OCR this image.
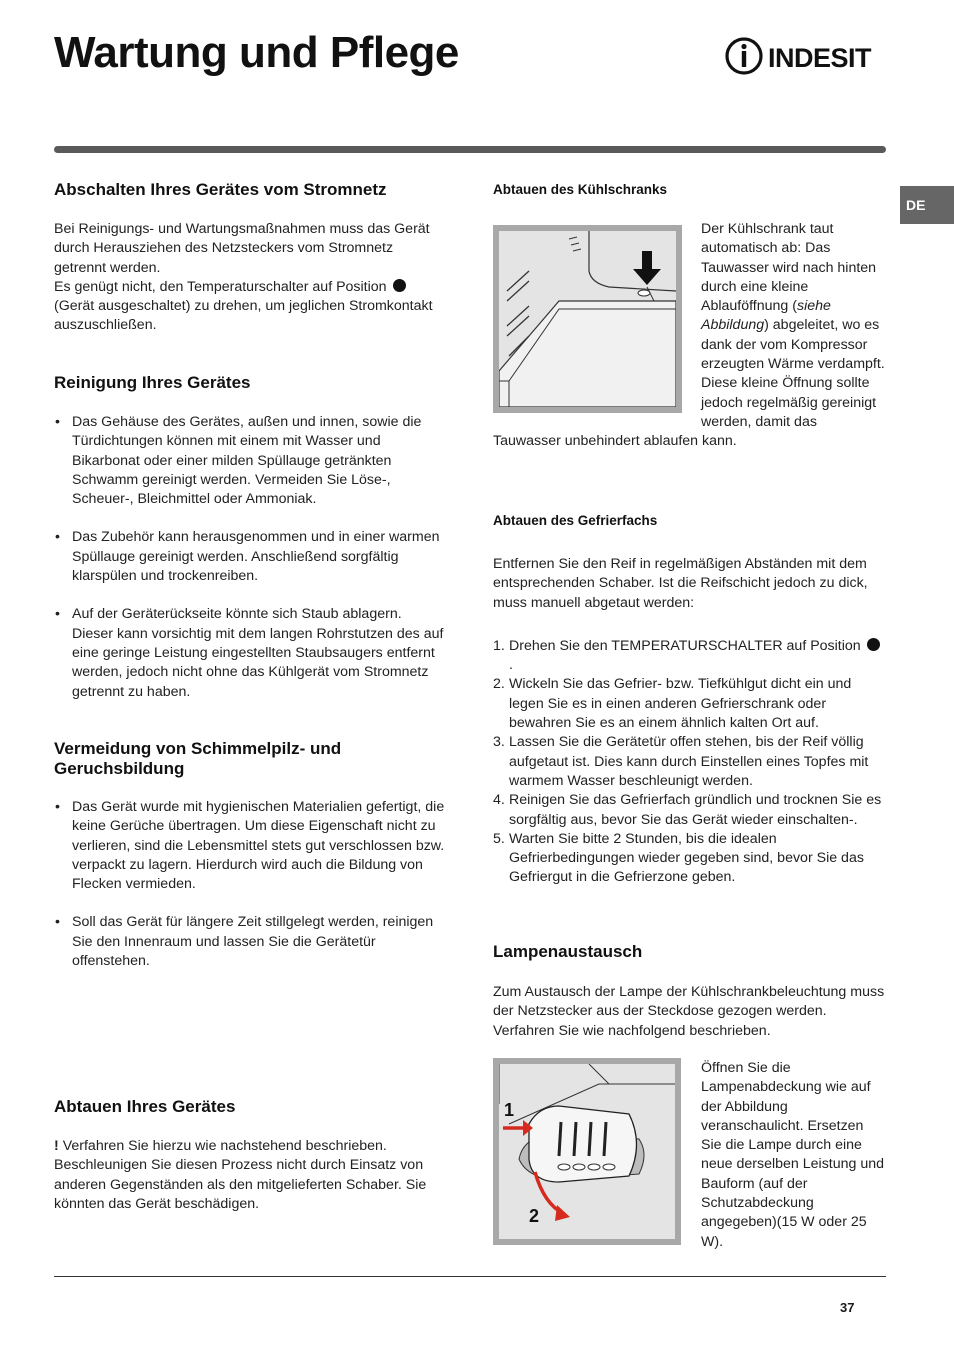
Wartung und Pflege	INDESIT
DE
Abschalten Ihres Gerätes vom Stromnetz

Bei Reinigungs- und Wartungsmaßnahmen muss das Gerät durch Herausziehen des Netzsteckers vom Stromnetz getrennt werden.

Es genügt nicht, den Temperaturschalter auf Position  (Gerät ausgeschaltet) zu drehen, um jeglichen Stromkontakt auszuschließen.

Reinigung Ihres Gerätes
• Das Gehäuse des Gerätes, außen und innen, sowie die Türdichtungen können mit einem mit Wasser und Bikarbonat oder einer milden Spüllauge getränkten Schwamm gereinigt werden. Vermeiden Sie Löse-, Scheuer-, Bleichmittel oder Ammoniak.
• Das Zubehör kann herausgenommen und in einer warmen Spüllauge gereinigt werden. Anschließend sorgfältig klarspülen und trockenreiben.
• Auf der Geräterückseite könnte sich Staub ablagern. Dieser kann vorsichtig mit dem langen Rohrstutzen des auf eine geringe Leistung eingestellten Staubsaugers entfernt werden, jedoch nicht ohne das Kühlgerät vom Stromnetz getrennt zu haben.
Vermeidung von Schimmelpilz- und Geruchsbildung
• Das Gerät wurde mit hygienischen Materialien gefertigt, die keine Gerüche übertragen. Um diese Eigenschaft nicht zu verlieren, sind die Lebensmittel stets gut verschlossen bzw. verpackt zu lagern. Hierdurch wird auch die Bildung von Flecken vermieden.
• Soll das Gerät für längere Zeit stillgelegt werden, reinigen Sie den Innenraum und lassen Sie die Gerätetür offenstehen.
Abtauen Ihres Gerätes

! Verfahren Sie hierzu wie nachstehend beschrieben. Beschleunigen Sie diesen Prozess nicht durch Einsatz von anderen Gegenständen als den mitgelieferten Schaber. Sie könnten das Gerät beschädigen.

Abtauen des Kühlschranks

Der Kühlschrank taut automatisch ab: Das Tauwasser wird nach hinten durch eine kleine Ablauföffnung (siehe Abbildung) abgeleitet, wo es dank der vom Kompressor erzeugten Wärme verdampft. Diese kleine Öffnung sollte jedoch regelmäßig gereinigt werden, damit das Tauwasser unbehindert ablaufen kann.

Abtauen des Gefrierfachs

Entfernen Sie den Reif in regelmäßigen Abständen mit dem entsprechenden Schaber. Ist die Reifschicht jedoch zu dick, muss manuell abgetaut werden:

1. Drehen Sie den TEMPERATURSCHALTER auf Position .
2. Wickeln Sie das Gefrier- bzw. Tiefkühlgut dicht ein und legen Sie es in einen anderen Gefrierschrank oder bewahren Sie es an einem ähnlich kalten Ort auf.
3. Lassen Sie die Gerätetür offen stehen, bis der Reif völlig aufgetaut ist. Dies kann durch Einstellen eines Topfes mit warmem Wasser beschleunigt werden.
4. Reinigen Sie das Gefrierfach gründlich und trocknen Sie es sorgfältig aus, bevor Sie das Gerät wieder einschalten-.
5. Warten Sie bitte 2 Stunden, bis die idealen Gefrierbedingungen wieder gegeben sind, bevor Sie das Gefriergut in die Gefrierzone geben.
Lampenaustausch

Zum Austausch der Lampe der Kühlschrankbeleuchtung muss der Netzstecker aus der Steckdose gezogen werden. Verfahren Sie wie nachfolgend beschrieben.

1
2

Öffnen Sie die Lampenabdeckung wie auf der Abbildung veranschaulicht. Ersetzen Sie die Lampe durch eine neue derselben Leistung und Bauform (auf der Schutzabdeckung angegeben)(15 W oder 25 W).

37
